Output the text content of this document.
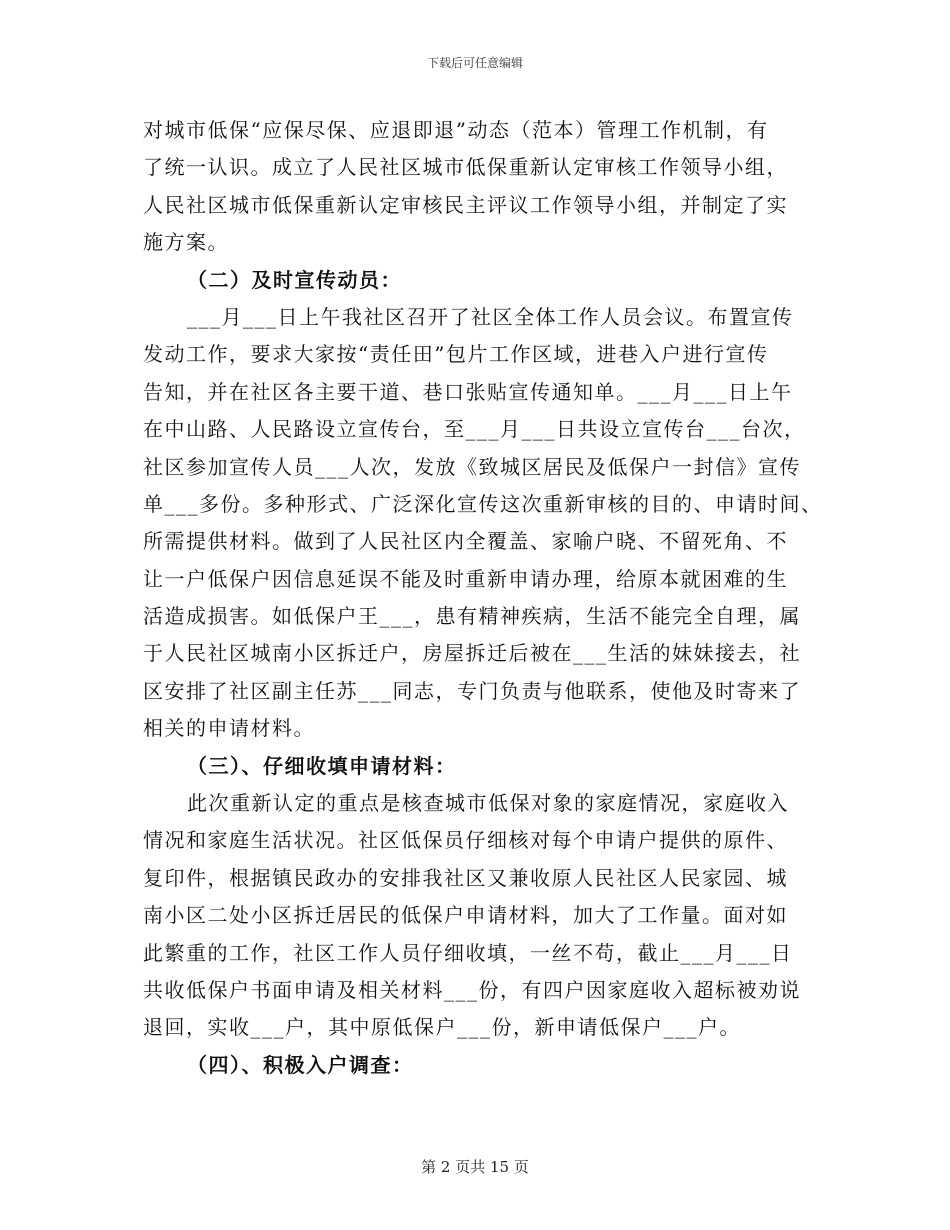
下载后可任意编辑
对城市低保“应保尽保、应退即退”动态（范本）管理工作机制，有
了统一认识。成立了人民社区城市低保重新认定审核工作领导小组，
人民社区城市低保重新认定审核民主评议工作领导小组，并制定了实
施方案。
（二）及时宣传动员：
___月___日上午我社区召开了社区全体工作人员会议。布置宣传
发动工作，要求大家按“责任田”包片工作区域，进巷入户进行宣传
告知，并在社区各主要干道、巷口张贴宣传通知单。___月___日上午
在中山路、人民路设立宣传台，至___月___日共设立宣传台___台次，
社区参加宣传人员___人次，发放《致城区居民及低保户一封信》宣传
单___多份。多种形式、广泛深化宣传这次重新审核的目的、申请时间、
所需提供材料。做到了人民社区内全覆盖、家喻户晓、不留死角、不
让一户低保户因信息延误不能及时重新申请办理，给原本就困难的生
活造成损害。如低保户王___，患有精神疾病，生活不能完全自理，属
于人民社区城南小区拆迁户，房屋拆迁后被在___生活的妹妹接去，社
区安排了社区副主任苏___同志，专门负责与他联系，使他及时寄来了
相关的申请材料。
（三）、仔细收填申请材料：
此次重新认定的重点是核查城市低保对象的家庭情况，家庭收入
情况和家庭生活状况。社区低保员仔细核对每个申请户提供的原件、
复印件，根据镇民政办的安排我社区又兼收原人民社区人民家园、城
南小区二处小区拆迁居民的低保户申请材料，加大了工作量。面对如
此繁重的工作，社区工作人员仔细收填，一丝不苟，截止___月___日
共收低保户书面申请及相关材料___份，有四户因家庭收入超标被劝说
退回，实收___户，其中原低保户___份，新申请低保户___户。
（四）、积极入户调查：
第 2 页共 15 页
